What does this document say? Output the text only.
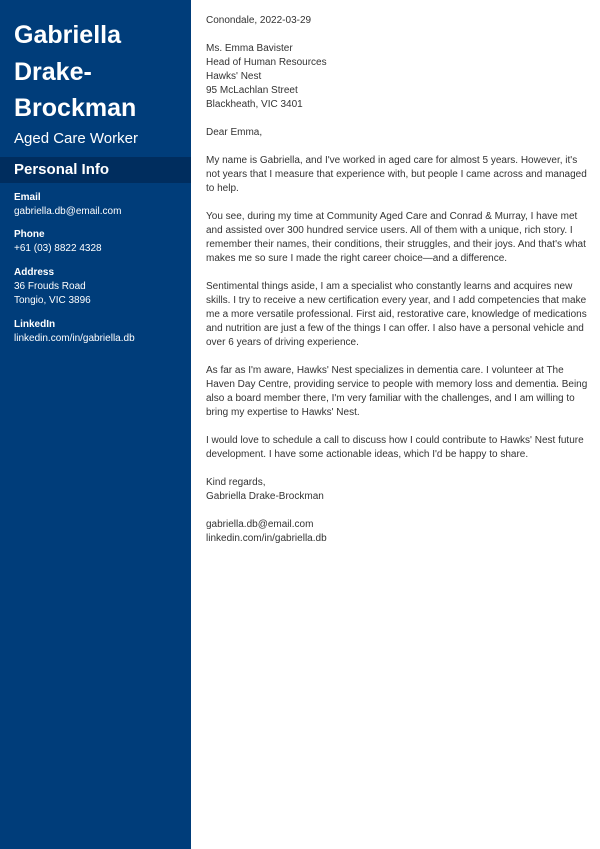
Gabriella
Drake-
Brockman
Aged Care Worker
Personal Info
Email
gabriella.db@email.com
Phone
+61 (03) 8822 4328
Address
36 Frouds Road
Tongio, VIC 3896
LinkedIn
linkedin.com/in/gabriella.db

Conondale, 2022-03-29

Ms. Emma Bavister

Head of Human Resources

Hawks' Nest

95 McLachlan Street

Blackheath, VIC 3401

Dear Emma,

My name is Gabriella, and I've worked in aged care for almost 5 years. However, it's not years that I measure that experience with, but people I came across and managed to help.

You see, during my time at Community Aged Care and Conrad & Murray, I have met and assisted over 300 hundred service users. All of them with a unique, rich story. I remember their names, their conditions, their struggles, and their joys. And that's what makes me so sure I made the right career choice—and a difference.

Sentimental things aside, I am a specialist who constantly learns and acquires new skills. I try to receive a new certification every year, and I add competencies that make me a more versatile professional. First aid, restorative care, knowledge of medications and nutrition are just a few of the things I can offer. I also have a personal vehicle and over 6 years of driving experience.

As far as I'm aware, Hawks' Nest specializes in dementia care. I volunteer at The Haven Day Centre, providing service to people with memory loss and dementia. Being also a board member there, I'm very familiar with the challenges, and I am willing to bring my expertise to Hawks' Nest.

I would love to schedule a call to discuss how I could contribute to Hawks' Nest future development. I have some actionable ideas, which I'd be happy to share.

Kind regards,

Gabriella Drake-Brockman

gabriella.db@email.com

linkedin.com/in/gabriella.db
